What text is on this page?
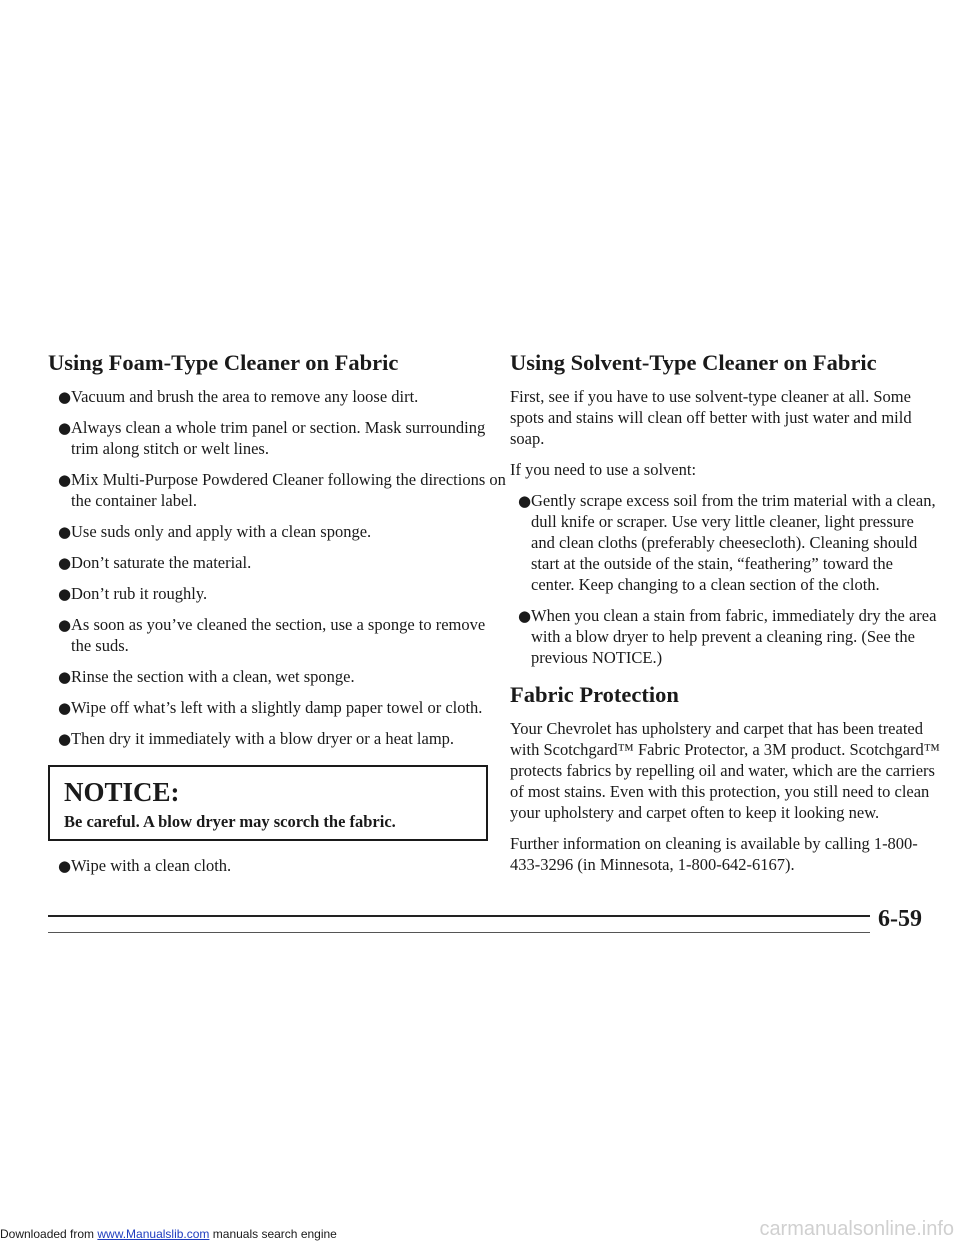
Using Foam-Type Cleaner on Fabric
● Vacuum and brush the area to remove any loose dirt.
● Always clean a whole trim panel or section. Mask surrounding trim along stitch or welt lines.
● Mix Multi-Purpose Powdered Cleaner following the directions on the container label.
● Use suds only and apply with a clean sponge.
● Don’t saturate the material.
● Don’t rub it roughly.
● As soon as you’ve cleaned the section, use a sponge to remove the suds.
● Rinse the section with a clean, wet sponge.
● Wipe off what’s left with a slightly damp paper towel or cloth.
● Then dry it immediately with a blow dryer or a heat lamp.
NOTICE:
Be careful. A blow dryer may scorch the fabric.
● Wipe with a clean cloth.
Using Solvent-Type Cleaner on Fabric

First, see if you have to use solvent-type cleaner at all. Some spots and stains will clean off better with just water and mild soap.

If you need to use a solvent:

● Gently scrape excess soil from the trim material with a clean, dull knife or scraper. Use very little cleaner, light pressure and clean cloths (preferably cheesecloth). Cleaning should start at the outside of the stain, “feathering” toward the center. Keep changing to a clean section of the cloth.
● When you clean a stain from fabric, immediately dry the area with a blow dryer to help prevent a cleaning ring. (See the previous NOTICE.)
Fabric Protection

Your Chevrolet has upholstery and carpet that has been treated with Scotchgard™ Fabric Protector, a 3M product. Scotchgard™ protects fabrics by repelling oil and water, which are the carriers of most stains. Even with this protection, you still need to clean your upholstery and carpet often to keep it looking new.

Further information on cleaning is available by calling 1-800-433-3296 (in Minnesota, 1-800-642-6167).

6-59
Downloaded from www.Manualslib.com manuals search engine	carmanualsonline.info
